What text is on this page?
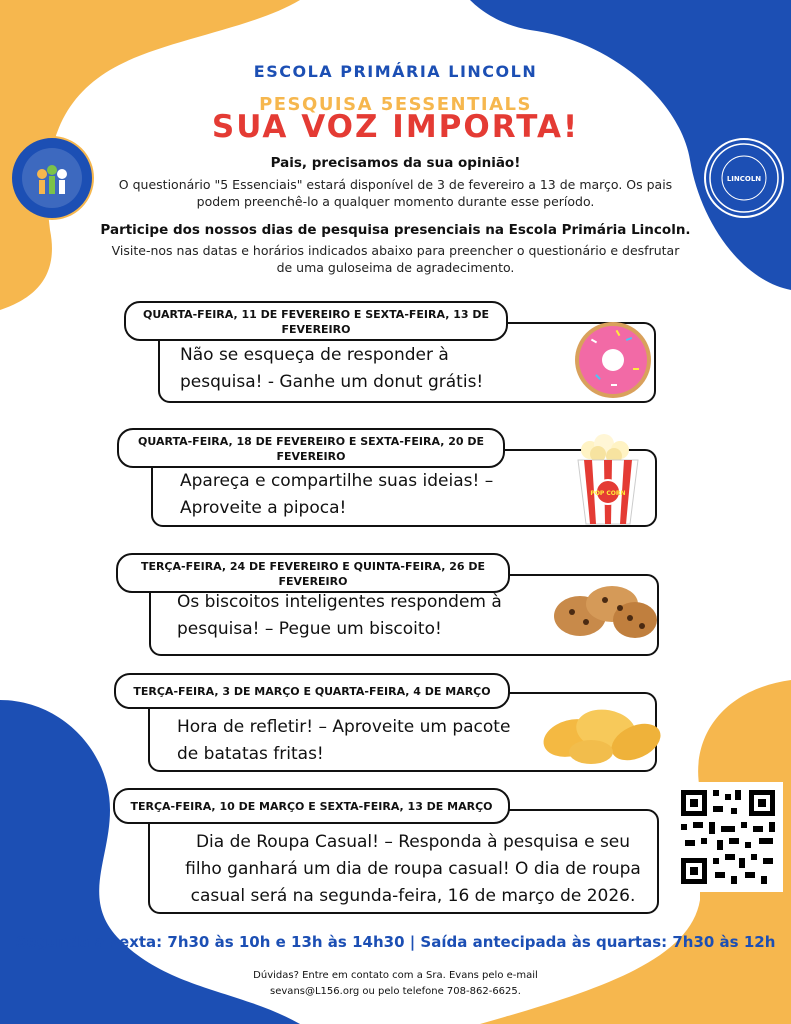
LINCOLN
ESCOLA PRIMÁRIA LINCOLN
PESQUISA 5ESSENTIALS
SUA VOZ IMPORTA!
Pais, precisamos da sua opinião!
O questionário "5 Essenciais" estará disponível de 3 de fevereiro a 13 de março. Os pais podem preenchê-lo a qualquer momento durante esse período.
Participe dos nossos dias de pesquisa presenciais na Escola Primária Lincoln.
Visite-nos nas datas e horários indicados abaixo para preencher o questionário e desfrutar de uma guloseima de agradecimento.
QUARTA-FEIRA, 11 DE FEVEREIRO E SEXTA-FEIRA, 13 DE FEVEREIRO
Não se esqueça de responder à pesquisa! - Ganhe um donut grátis!
QUARTA-FEIRA, 18 DE FEVEREIRO E SEXTA-FEIRA, 20 DE FEVEREIRO
Apareça e compartilhe suas ideias! – Aproveite a pipoca!
POP CORN
TERÇA-FEIRA, 24 DE FEVEREIRO E QUINTA-FEIRA, 26 DE FEVEREIRO
Os biscoitos inteligentes respondem à pesquisa! – Pegue um biscoito!
TERÇA-FEIRA, 3 DE MARÇO E QUARTA-FEIRA, 4 DE MARÇO
Hora de refletir! – Aproveite um pacote de batatas fritas!
TERÇA-FEIRA, 10 DE MARÇO E SEXTA-FEIRA, 13 DE MARÇO
Dia de Roupa Casual! – Responda à pesquisa e seu filho ganhará um dia de roupa casual! O dia de roupa casual será na segunda-feira, 16 de março de 2026.
Segunda a sexta: 7h30 às 10h e 13h às 14h30 | Saída antecipada às quartas: 7h30 às 12h
Dúvidas? Entre em contato com a Sra. Evans pelo e-mail sevans@L156.org ou pelo telefone 708-862-6625.
